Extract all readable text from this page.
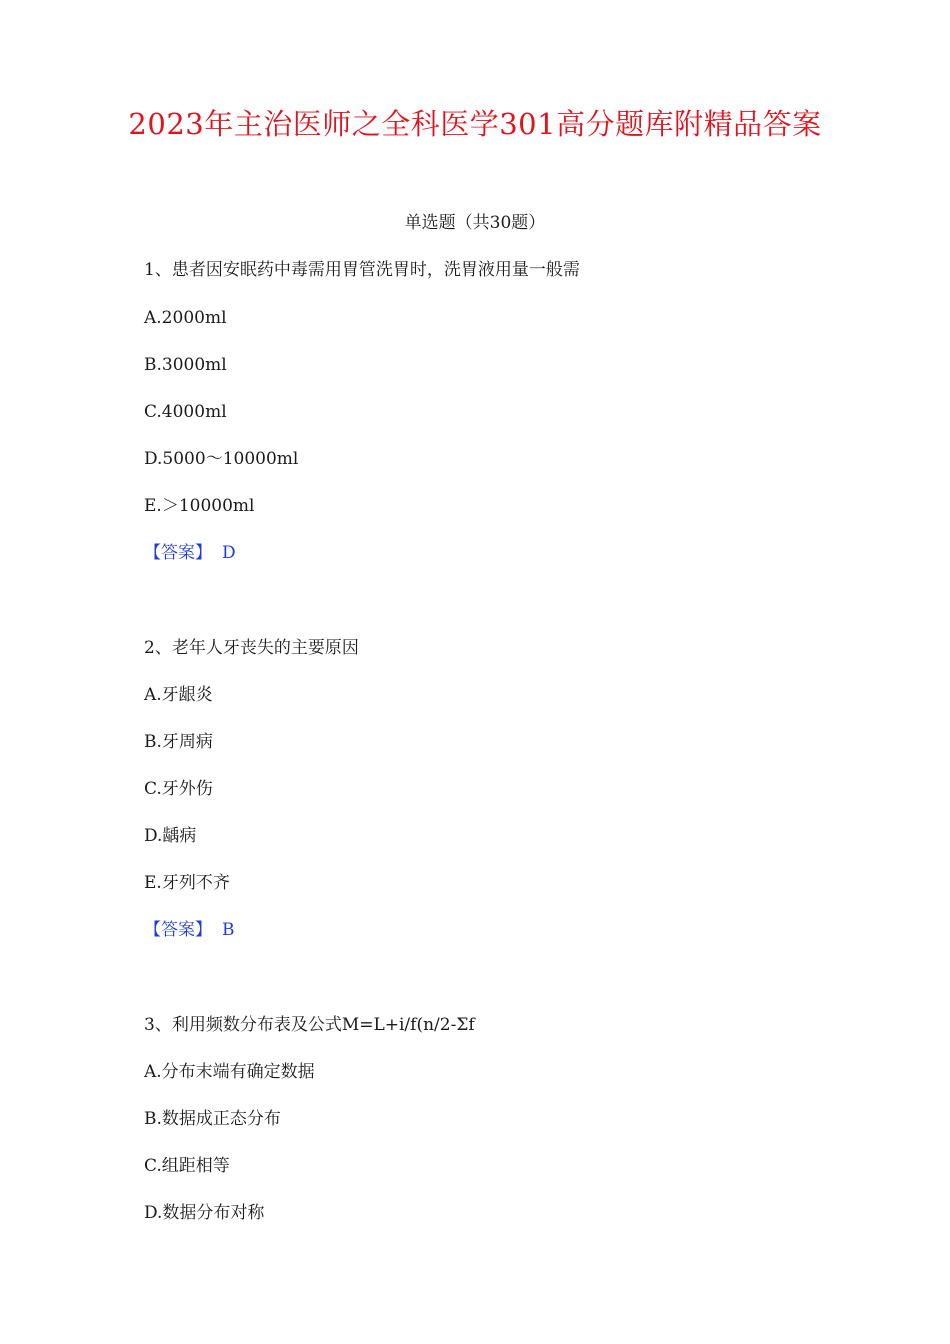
2023年主治医师之全科医学301高分题库附精品答案
单选题（共30题）
1、患者因安眠药中毒需用胃管洗胃时，洗胃液用量一般需
A.2000ml
B.3000ml
C.4000ml
D.5000～10000ml
E.＞10000ml
【答案】 D
2、老年人牙丧失的主要原因
A.牙龈炎
B.牙周病
C.牙外伤
D.龋病
E.牙列不齐
【答案】 B
3、利用频数分布表及公式M=L+i/f(n/2-Σf
A.分布末端有确定数据
B.数据成正态分布
C.组距相等
D.数据分布对称
